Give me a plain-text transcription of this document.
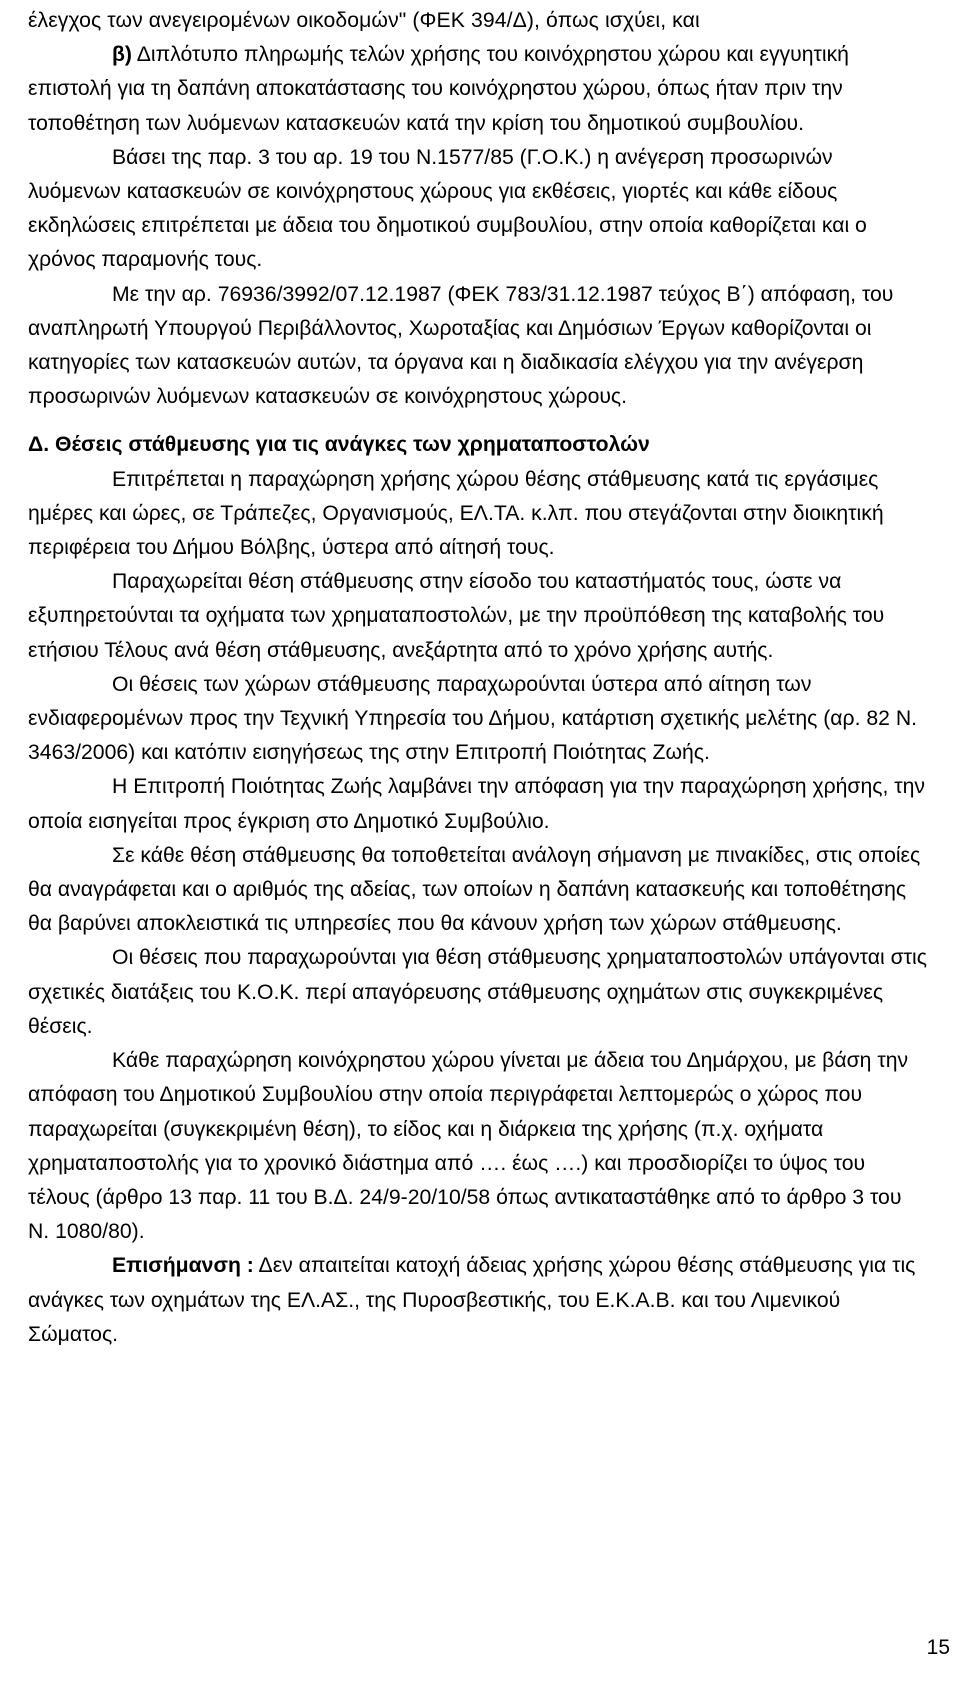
έλεγχος των ανεγειρομένων οικοδομών" (ΦΕΚ 394/Δ), όπως ισχύει, και

β) Διπλότυπο πληρωμής τελών χρήσης του κοινόχρηστου χώρου και εγγυητική επιστολή για τη δαπάνη αποκατάστασης του κοινόχρηστου χώρου, όπως ήταν πριν την τοποθέτηση των λυόμενων κατασκευών κατά την κρίση του δημοτικού συμβουλίου.

Βάσει της παρ. 3 του αρ. 19 του Ν.1577/85 (Γ.Ο.Κ.) η ανέγερση προσωρινών λυόμενων κατασκευών σε κοινόχρηστους χώρους για εκθέσεις, γιορτές και κάθε είδους εκδηλώσεις επιτρέπεται με άδεια του δημοτικού συμβουλίου, στην οποία καθορίζεται και ο χρόνος παραμονής τους.

Με την αρ. 76936/3992/07.12.1987 (ΦΕΚ 783/31.12.1987 τεύχος Β΄) απόφαση, του αναπληρωτή Υπουργού Περιβάλλοντος, Χωροταξίας και Δημόσιων Έργων καθορίζονται οι κατηγορίες των κατασκευών αυτών, τα όργανα και η διαδικασία ελέγχου για την ανέγερση προσωρινών λυόμενων κατασκευών σε κοινόχρηστους χώρους.

Δ. Θέσεις στάθμευσης για τις ανάγκες των χρηματαποστολών

Επιτρέπεται η παραχώρηση χρήσης χώρου θέσης στάθμευσης κατά τις εργάσιμες ημέρες και ώρες, σε Τράπεζες, Οργανισμούς, ΕΛ.ΤΑ. κ.λπ. που στεγάζονται στην διοικητική περιφέρεια του Δήμου Βόλβης, ύστερα από αίτησή τους.

Παραχωρείται θέση στάθμευσης στην είσοδο του καταστήματός τους, ώστε να εξυπηρετούνται τα οχήματα των χρηματαποστολών, με την προϋπόθεση της καταβολής του ετήσιου Τέλους ανά θέση στάθμευσης, ανεξάρτητα από το χρόνο χρήσης αυτής.

Οι θέσεις των χώρων στάθμευσης παραχωρούνται ύστερα από αίτηση των ενδιαφερομένων προς την Τεχνική Υπηρεσία του Δήμου, κατάρτιση σχετικής μελέτης (αρ. 82 Ν. 3463/2006) και κατόπιν εισηγήσεως της στην Επιτροπή Ποιότητας Ζωής.

Η Επιτροπή Ποιότητας Ζωής λαμβάνει την απόφαση για την παραχώρηση χρήσης, την οποία εισηγείται προς έγκριση στο Δημοτικό Συμβούλιο.

Σε κάθε θέση στάθμευσης θα τοποθετείται ανάλογη σήμανση με πινακίδες, στις οποίες θα αναγράφεται και ο αριθμός της αδείας, των οποίων η δαπάνη κατασκευής και τοποθέτησης θα βαρύνει αποκλειστικά τις υπηρεσίες που θα κάνουν χρήση των χώρων στάθμευσης.

Οι θέσεις που παραχωρούνται για θέση στάθμευσης χρηματαποστολών υπάγονται στις σχετικές διατάξεις του Κ.Ο.Κ. περί απαγόρευσης στάθμευσης οχημάτων στις συγκεκριμένες θέσεις.

Κάθε παραχώρηση κοινόχρηστου χώρου γίνεται με άδεια του Δημάρχου, με βάση την απόφαση του Δημοτικού Συμβουλίου στην οποία περιγράφεται λεπτομερώς ο χώρος που παραχωρείται (συγκεκριμένη θέση), το είδος και η διάρκεια της χρήσης (π.χ. οχήματα χρηματαποστολής για το χρονικό διάστημα από …. έως ….) και προσδιορίζει το ύψος του τέλους (άρθρο 13 παρ. 11 του Β.Δ. 24/9-20/10/58 όπως αντικαταστάθηκε από το άρθρο 3 του Ν. 1080/80).

Επισήμανση : Δεν απαιτείται κατοχή άδειας χρήσης χώρου θέσης στάθμευσης για τις ανάγκες των οχημάτων της ΕΛ.ΑΣ., της Πυροσβεστικής, του Ε.Κ.Α.Β. και του Λιμενικού Σώματος.

15
